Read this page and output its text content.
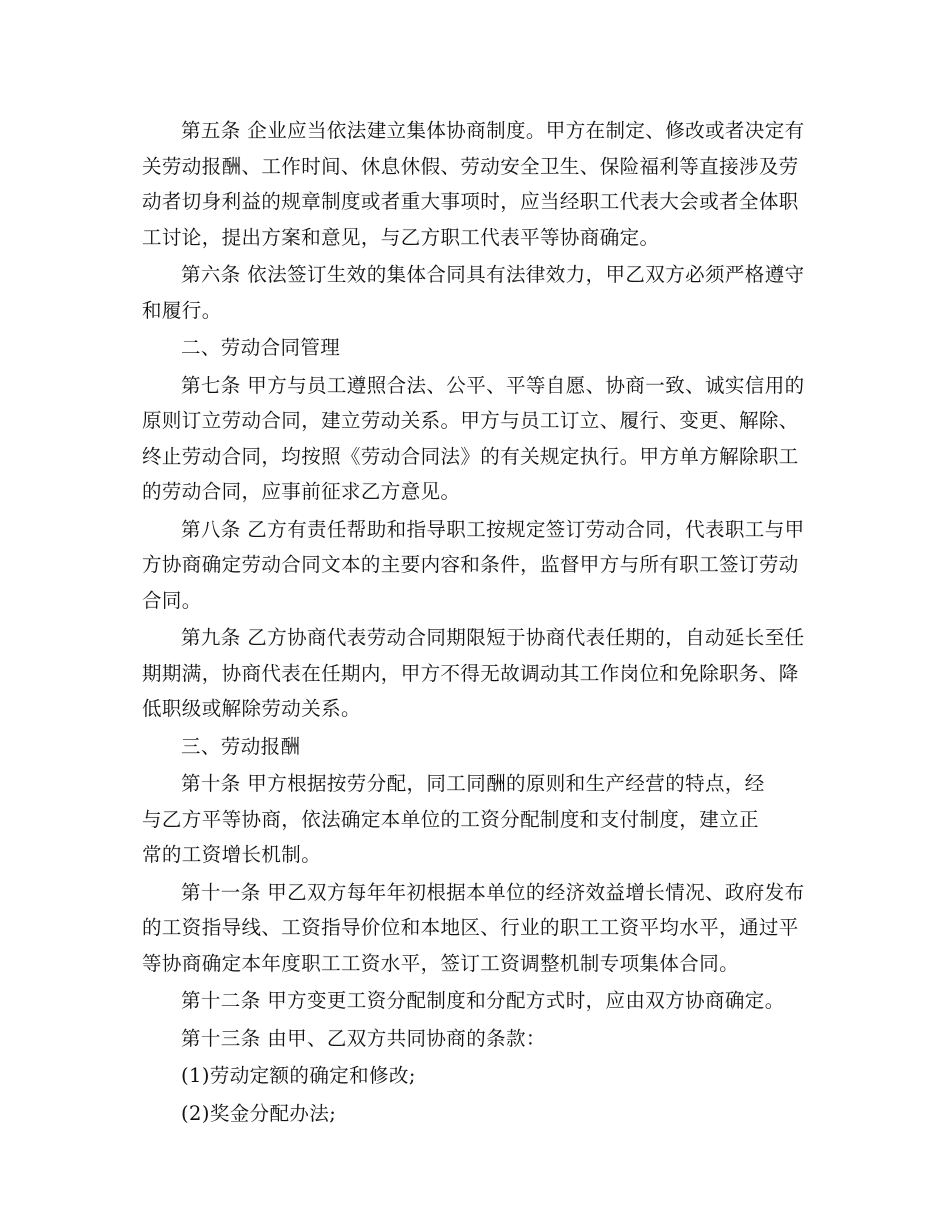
第五条 企业应当依法建立集体协商制度。甲方在制定、修改或者决定有关劳动报酬、工作时间、休息休假、劳动安全卫生、保险福利等直接涉及劳动者切身利益的规章制度或者重大事项时，应当经职工代表大会或者全体职工讨论，提出方案和意见，与乙方职工代表平等协商确定。

第六条 依法签订生效的集体合同具有法律效力，甲乙双方必须严格遵守和履行。

二、劳动合同管理

第七条 甲方与员工遵照合法、公平、平等自愿、协商一致、诚实信用的原则订立劳动合同，建立劳动关系。甲方与员工订立、履行、变更、解除、终止劳动合同，均按照《劳动合同法》的有关规定执行。甲方单方解除职工的劳动合同，应事前征求乙方意见。

第八条 乙方有责任帮助和指导职工按规定签订劳动合同，代表职工与甲方协商确定劳动合同文本的主要内容和条件，监督甲方与所有职工签订劳动合同。

第九条 乙方协商代表劳动合同期限短于协商代表任期的，自动延长至任期期满，协商代表在任期内，甲方不得无故调动其工作岗位和免除职务、降低职级或解除劳动关系。

三、劳动报酬

第十条 甲方根据按劳分配，同工同酬的原则和生产经营的特点，经与乙方平等协商，依法确定本单位的工资分配制度和支付制度，建立正常的工资增长机制。

第十一条 甲乙双方每年年初根据本单位的经济效益增长情况、政府发布的工资指导线、工资指导价位和本地区、行业的职工工资平均水平，通过平等协商确定本年度职工工资水平，签订工资调整机制专项集体合同。

第十二条 甲方变更工资分配制度和分配方式时，应由双方协商确定。

第十三条 由甲、乙双方共同协商的条款：

(1)劳动定额的确定和修改;

(2)奖金分配办法;
